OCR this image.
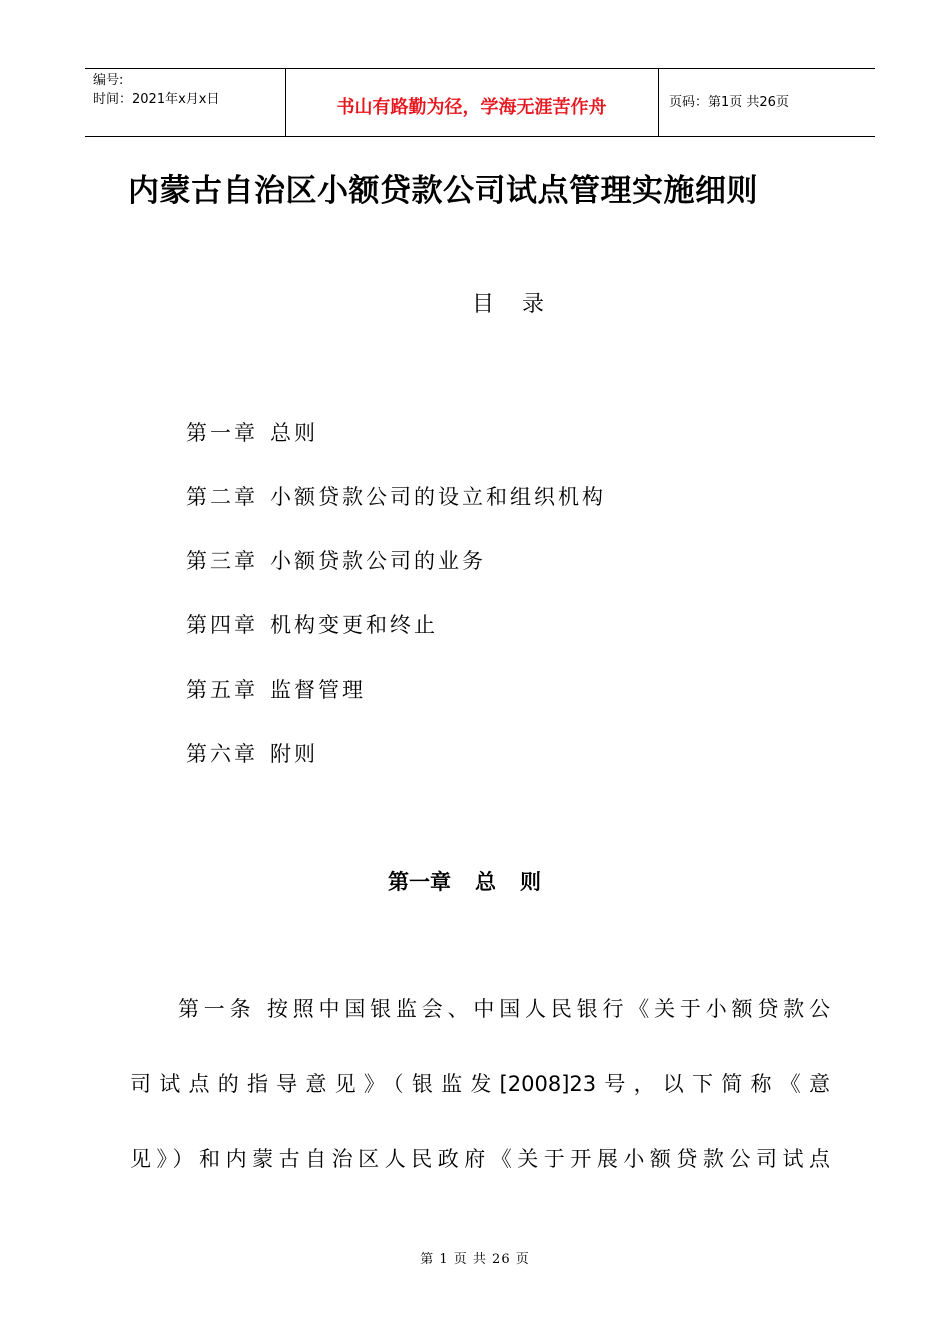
编号:
时间：2021年x月x日	书山有路勤为径，学海无涯苦作舟	页码：第1页 共26页
内蒙古自治区小额贷款公司试点管理实施细则
目录
第一章 总则
第二章 小额贷款公司的设立和组织机构
第三章 小额贷款公司的业务
第四章 机构变更和终止
第五章 监督管理
第六章 附则
第一章 总 则
第一条 按照中国银监会、中国人民银行《关于小额贷款公
司试点的指导意见》（银监发[2008]23号，以下简称《意
见》）和内蒙古自治区人民政府《关于开展小额贷款公司试点
第 1 页 共 26 页
